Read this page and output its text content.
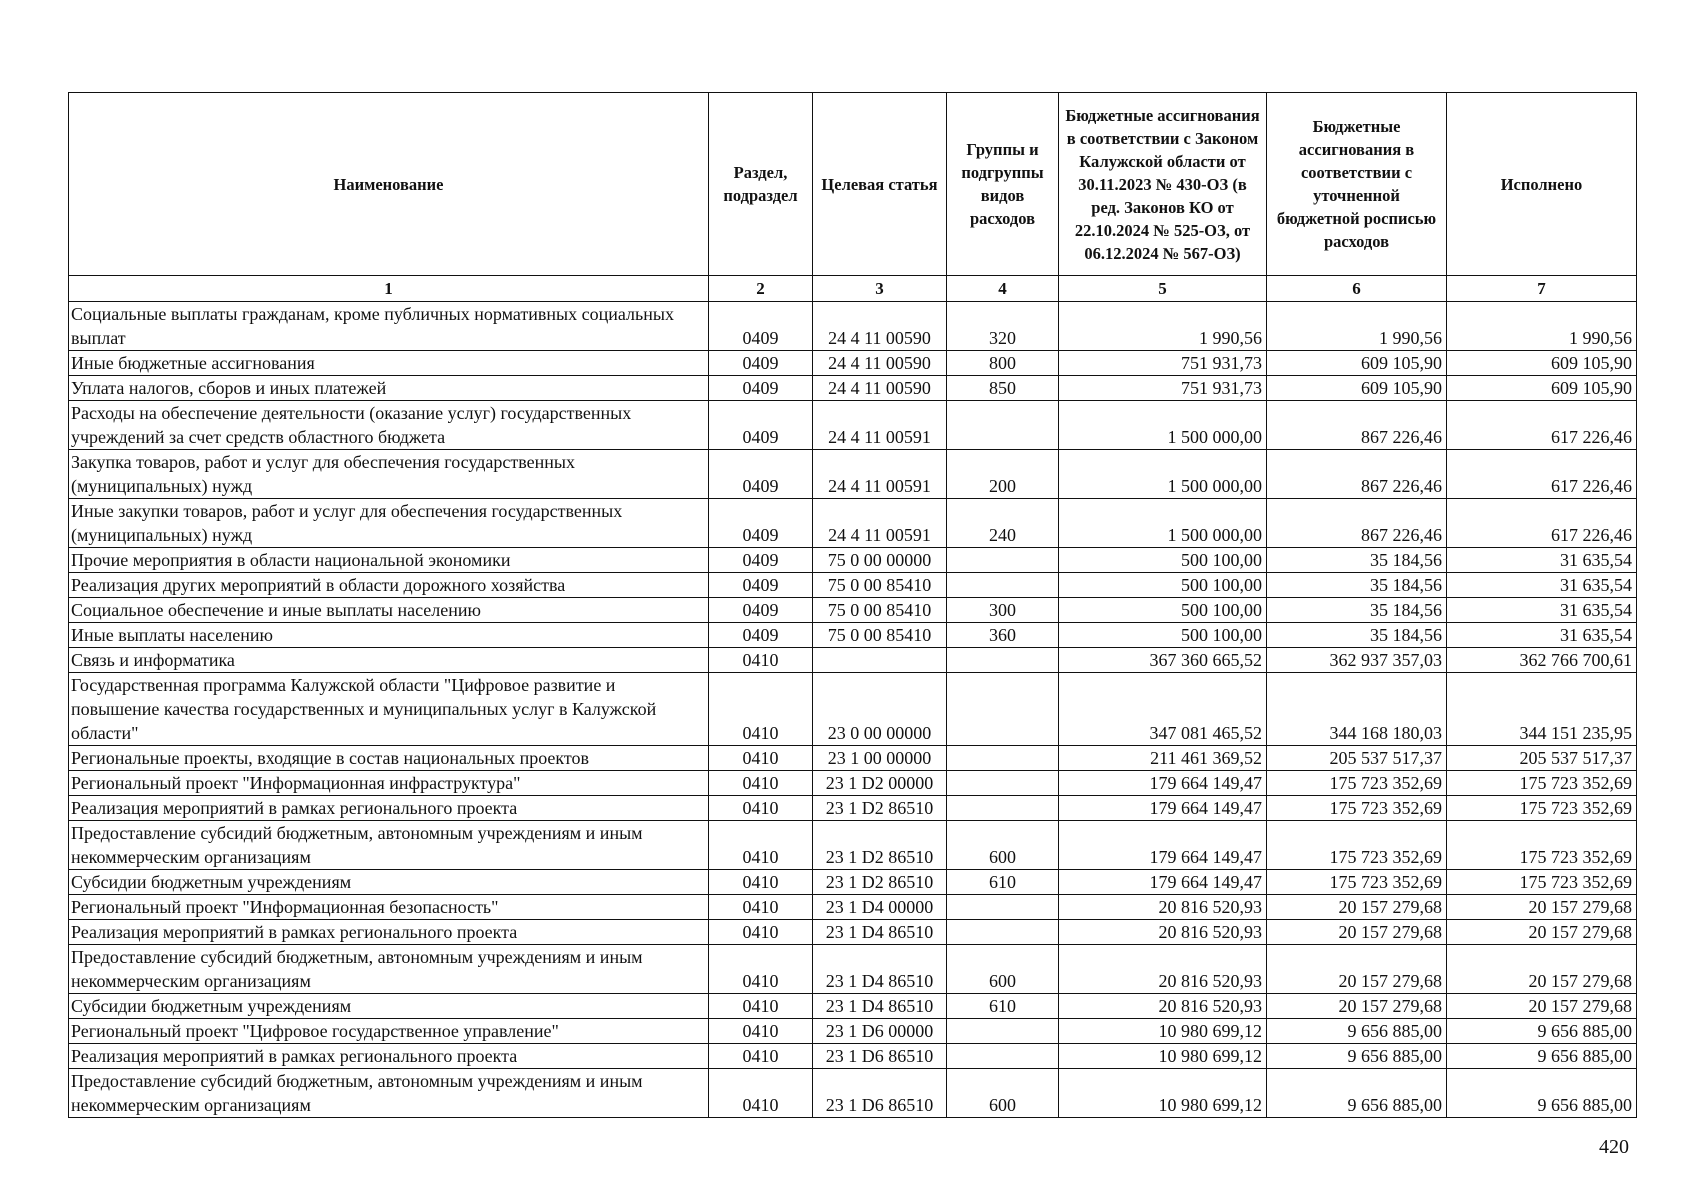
Наименование	Раздел, подраздел	Целевая статья	Группы и подгруппы видов расходов	Бюджетные ассигнования в соответствии с Законом Калужской области от 30.11.2023 № 430-ОЗ (в ред. Законов КО от 22.10.2024 № 525-ОЗ, от 06.12.2024 № 567-ОЗ)	Бюджетные ассигнования в соответствии с уточненной бюджетной росписью расходов	Исполнено
1	2	3	4	5	6	7
Социальные выплаты гражданам, кроме публичных нормативных социальных выплат	0409	24 4 11 00590	320	1 990,56	1 990,56	1 990,56
Иные бюджетные ассигнования	0409	24 4 11 00590	800	751 931,73	609 105,90	609 105,90
Уплата налогов, сборов и иных платежей	0409	24 4 11 00590	850	751 931,73	609 105,90	609 105,90
Расходы на обеспечение деятельности (оказание услуг) государственных учреждений за счет средств областного бюджета	0409	24 4 11 00591		1 500 000,00	867 226,46	617 226,46
Закупка товаров, работ и услуг для обеспечения государственных (муниципальных) нужд	0409	24 4 11 00591	200	1 500 000,00	867 226,46	617 226,46
Иные закупки товаров, работ и услуг для обеспечения государственных (муниципальных) нужд	0409	24 4 11 00591	240	1 500 000,00	867 226,46	617 226,46
Прочие мероприятия в области национальной экономики	0409	75 0 00 00000		500 100,00	35 184,56	31 635,54
Реализация других мероприятий в области дорожного хозяйства	0409	75 0 00 85410		500 100,00	35 184,56	31 635,54
Социальное обеспечение и иные выплаты населению	0409	75 0 00 85410	300	500 100,00	35 184,56	31 635,54
Иные выплаты населению	0409	75 0 00 85410	360	500 100,00	35 184,56	31 635,54
Связь и информатика	0410			367 360 665,52	362 937 357,03	362 766 700,61
Государственная программа Калужской области "Цифровое развитие и повышение качества государственных и муниципальных услуг в Калужской области"	0410	23 0 00 00000		347 081 465,52	344 168 180,03	344 151 235,95
Региональные проекты, входящие в состав национальных проектов	0410	23 1 00 00000		211 461 369,52	205 537 517,37	205 537 517,37
Региональный проект "Информационная инфраструктура"	0410	23 1 D2 00000		179 664 149,47	175 723 352,69	175 723 352,69
Реализация мероприятий в рамках регионального проекта	0410	23 1 D2 86510		179 664 149,47	175 723 352,69	175 723 352,69
Предоставление субсидий бюджетным, автономным учреждениям и иным некоммерческим организациям	0410	23 1 D2 86510	600	179 664 149,47	175 723 352,69	175 723 352,69
Субсидии бюджетным учреждениям	0410	23 1 D2 86510	610	179 664 149,47	175 723 352,69	175 723 352,69
Региональный проект "Информационная безопасность"	0410	23 1 D4 00000		20 816 520,93	20 157 279,68	20 157 279,68
Реализация мероприятий в рамках регионального проекта	0410	23 1 D4 86510		20 816 520,93	20 157 279,68	20 157 279,68
Предоставление субсидий бюджетным, автономным учреждениям и иным некоммерческим организациям	0410	23 1 D4 86510	600	20 816 520,93	20 157 279,68	20 157 279,68
Субсидии бюджетным учреждениям	0410	23 1 D4 86510	610	20 816 520,93	20 157 279,68	20 157 279,68
Региональный проект "Цифровое государственное управление"	0410	23 1 D6 00000		10 980 699,12	9 656 885,00	9 656 885,00
Реализация мероприятий в рамках регионального проекта	0410	23 1 D6 86510		10 980 699,12	9 656 885,00	9 656 885,00
Предоставление субсидий бюджетным, автономным учреждениям и иным некоммерческим организациям	0410	23 1 D6 86510	600	10 980 699,12	9 656 885,00	9 656 885,00
420
